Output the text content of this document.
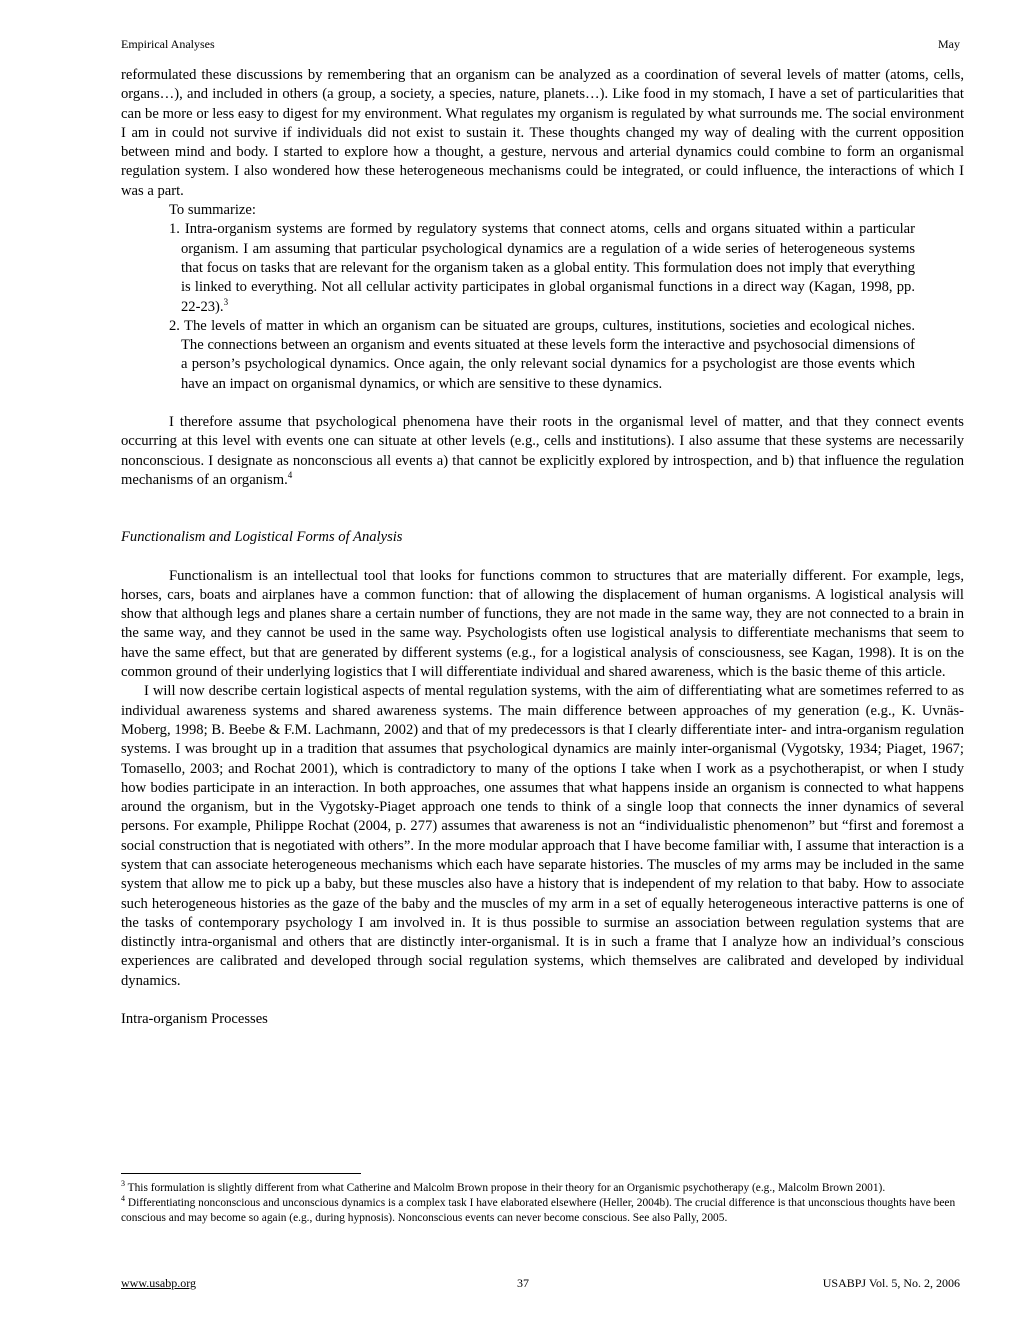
Empirical Analyses	May

reformulated these discussions by remembering that an organism can be analyzed as a coordination of several levels of matter (atoms, cells, organs…), and included in others (a group, a society, a species, nature, planets…). Like food in my stomach, I have a set of particularities that can be more or less easy to digest for my environment. What regulates my organism is regulated by what surrounds me. The social environment I am in could not survive if individuals did not exist to sustain it. These thoughts changed my way of dealing with the current opposition between mind and body. I started to explore how a thought, a gesture, nervous and arterial dynamics could combine to form an organismal regulation system. I also wondered how these heterogeneous mechanisms could be integrated, or could influence, the interactions of which I was a part.

To summarize:

1. Intra-organism systems are formed by regulatory systems that connect atoms, cells and organs situated within a particular organism. I am assuming that particular psychological dynamics are a regulation of a wide series of heterogeneous systems that focus on tasks that are relevant for the organism taken as a global entity. This formulation does not imply that everything is linked to everything. Not all cellular activity participates in global organismal functions in a direct way (Kagan, 1998, pp. 22-23).$^3$

2. The levels of matter in which an organism can be situated are groups, cultures, institutions, societies and ecological niches. The connections between an organism and events situated at these levels form the interactive and psychosocial dimensions of a person’s psychological dynamics. Once again, the only relevant social dynamics for a psychologist are those events which have an impact on organismal dynamics, or which are sensitive to these dynamics.

I therefore assume that psychological phenomena have their roots in the organismal level of matter, and that they connect events occurring at this level with events one can situate at other levels (e.g., cells and institutions). I also assume that these systems are necessarily nonconscious. I designate as nonconscious all events a) that cannot be explicitly explored by introspection, and b) that influence the regulation mechanisms of an organism.$^4$

Functionalism and Logistical Forms of Analysis

Functionalism is an intellectual tool that looks for functions common to structures that are materially different. For example, legs, horses, cars, boats and airplanes have a common function: that of allowing the displacement of human organisms. A logistical analysis will show that although legs and planes share a certain number of functions, they are not made in the same way, they are not connected to a brain in the same way, and they cannot be used in the same way. Psychologists often use logistical analysis to differentiate mechanisms that seem to have the same effect, but that are generated by different systems (e.g., for a logistical analysis of consciousness, see Kagan, 1998). It is on the common ground of their underlying logistics that I will differentiate individual and shared awareness, which is the basic theme of this article.

I will now describe certain logistical aspects of mental regulation systems, with the aim of differentiating what are sometimes referred to as individual awareness systems and shared awareness systems. The main difference between approaches of my generation (e.g., K. Uvnäs-Moberg, 1998; B. Beebe & F.M. Lachmann, 2002) and that of my predecessors is that I clearly differentiate inter- and intra-organism regulation systems. I was brought up in a tradition that assumes that psychological dynamics are mainly inter-organismal (Vygotsky, 1934; Piaget, 1967; Tomasello, 2003; and Rochat 2001), which is contradictory to many of the options I take when I work as a psychotherapist, or when I study how bodies participate in an interaction. In both approaches, one assumes that what happens inside an organism is connected to what happens around the organism, but in the Vygotsky-Piaget approach one tends to think of a single loop that connects the inner dynamics of several persons. For example, Philippe Rochat (2004, p. 277) assumes that awareness is not an “individualistic phenomenon” but “first and foremost a social construction that is negotiated with others”. In the more modular approach that I have become familiar with, I assume that interaction is a system that can associate heterogeneous mechanisms which each have separate histories. The muscles of my arms may be included in the same system that allow me to pick up a baby, but these muscles also have a history that is independent of my relation to that baby. How to associate such heterogeneous histories as the gaze of the baby and the muscles of my arm in a set of equally heterogeneous interactive patterns is one of the tasks of contemporary psychology I am involved in. It is thus possible to surmise an association between regulation systems that are distinctly intra-organismal and others that are distinctly inter-organismal. It is in such a frame that I analyze how an individual’s conscious experiences are calibrated and developed through social regulation systems, which themselves are calibrated and developed by individual dynamics.

Intra-organism Processes

$^3$ This formulation is slightly different from what Catherine and Malcolm Brown propose in their theory for an Organismic psychotherapy (e.g., Malcolm Brown 2001).

$^4$ Differentiating nonconscious and unconscious dynamics is a complex task I have elaborated elsewhere (Heller, 2004b). The crucial difference is that unconscious thoughts have been conscious and may become so again (e.g., during hypnosis). Nonconscious events can never become conscious. See also Pally, 2005.

www.usabp.org	37	USABPJ Vol. 5, No. 2, 2006
